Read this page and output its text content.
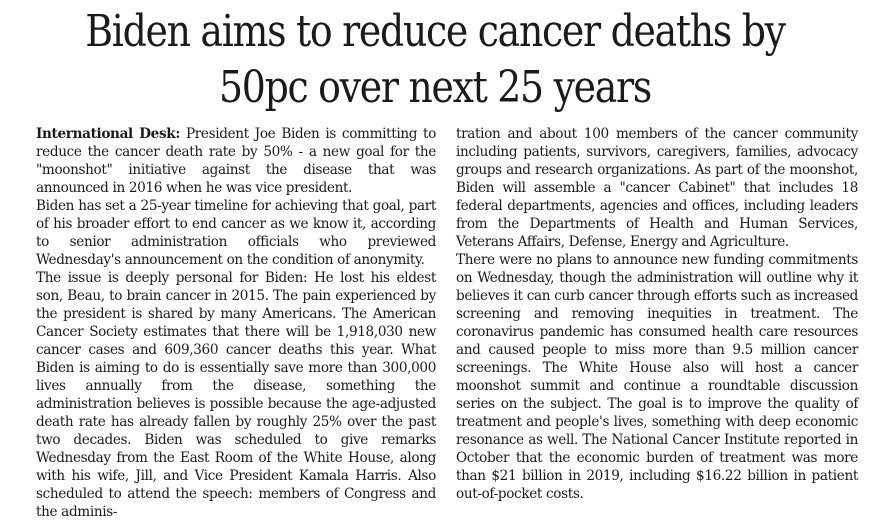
Biden aims to reduce cancer deaths by
50pc over next 25 years

International Desk: President Joe Biden is committing to reduce the cancer death rate by 50% - a new goal for the "moonshot" initiative against the disease that was announced in 2016 when he was vice president.

Biden has set a 25-year timeline for achieving that goal, part of his broader effort to end cancer as we know it, according to senior administration officials who previewed Wednesday's announcement on the condition of anonymity.

The issue is deeply personal for Biden: He lost his eldest son, Beau, to brain cancer in 2015. The pain experienced by the president is shared by many Americans. The American Cancer Society estimates that there will be 1,918,030 new cancer cases and 609,360 cancer deaths this year. What Biden is aiming to do is essentially save more than 300,000 lives annually from the disease, something the administration believes is possible because the age-adjusted death rate has already fallen by roughly 25% over the past two decades. Biden was scheduled to give remarks Wednesday from the East Room of the White House, along with his wife, Jill, and Vice President Kamala Harris. Also scheduled to attend the speech: members of Congress and the adminis-

tration and about 100 members of the cancer community including patients, survivors, caregivers, families, advocacy groups and research organizations. As part of the moonshot, Biden will assemble a "cancer Cabinet" that includes 18 federal departments, agencies and offices, including leaders from the Departments of Health and Human Services, Veterans Affairs, Defense, Energy and Agriculture.

There were no plans to announce new funding commitments on Wednesday, though the administration will outline why it believes it can curb cancer through efforts such as increased screening and removing inequities in treatment. The coronavirus pandemic has consumed health care resources and caused people to miss more than 9.5 million cancer screenings. The White House also will host a cancer moonshot summit and continue a roundtable discussion series on the subject. The goal is to improve the quality of treatment and people's lives, something with deep economic resonance as well. The National Cancer Institute reported in October that the economic burden of treatment was more than $21 billion in 2019, including $16.22 billion in patient out-of-pocket costs.
